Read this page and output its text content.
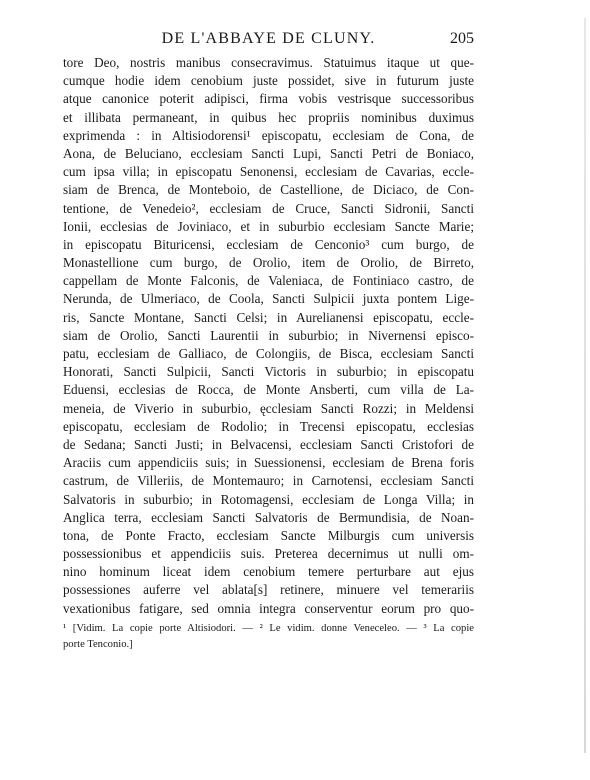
DE L'ABBAYE DE CLUNY.	205
tore Deo, nostris manibus consecravimus. Statuimus itaque ut que-
cumque hodie idem cenobium juste possidet, sive in futurum juste
atque canonice poterit adipisci, firma vobis vestrisque successoribus
et illibata permaneant, in quibus hec propriis nominibus duximus
exprimenda : in Altisiodorensi¹ episcopatu, ecclesiam de Cona, de
Aona, de Beluciano, ecclesiam Sancti Lupi, Sancti Petri de Boniaco,
cum ipsa villa; in episcopatu Senonensi, ecclesiam de Cavarias, eccle-
siam de Brenca, de Monteboio, de Castellione, de Diciaco, de Con-
tentione, de Venedeio², ecclesiam de Cruce, Sancti Sidronii, Sancti
Ionii, ecclesias de Joviniaco, et in suburbio ecclesiam Sancte Marie;
in episcopatu Bituricensi, ecclesiam de Cenconio³ cum burgo, de
Monastellione cum burgo, de Orolio, item de Orolio, de Birreto,
cappellam de Monte Falconis, de Valeniaca, de Fontiniaco castro, de
Nerunda, de Ulmeriaco, de Coola, Sancti Sulpicii juxta pontem Lige-
ris, Sancte Montane, Sancti Celsi; in Aurelianensi episcopatu, eccle-
siam de Orolio, Sancti Laurentii in suburbio; in Nivernensi episco-
patu, ecclesiam de Galliaco, de Colongiis, de Bisca, ecclesiam Sancti
Honorati, Sancti Sulpicii, Sancti Victoris in suburbio; in episcopatu
Eduensi, ecclesias de Rocca, de Monte Ansberti, cum villa de La-
meneia, de Viverio in suburbio, ęcclesiam Sancti Rozzi; in Meldensi
episcopatu, ecclesiam de Rodolio; in Trecensi episcopatu, ecclesias
de Sedana; Sancti Justi; in Belvacensi, ecclesiam Sancti Cristofori de
Araciis cum appendiciis suis; in Suessionensi, ecclesiam de Brena foris
castrum, de Villeriis, de Montemauro; in Carnotensi, ecclesiam Sancti
Salvatoris in suburbio; in Rotomagensi, ecclesiam de Longa Villa; in
Anglica terra, ecclesiam Sancti Salvatoris de Bermundisia, de Noan-
tona, de Ponte Fracto, ecclesiam Sancte Milburgis cum universis
possessionibus et appendiciis suis. Preterea decernimus ut nulli om-
nino hominum liceat idem cenobium temere perturbare aut ejus
possessiones auferre vel ablata[s] retinere, minuere vel temerariis
vexationibus fatigare, sed omnia integra conserventur eorum pro quo-
¹ [Vidim. La copie porte Altisiodori. — ² Le vidim. donne Veneceleo. — ³ La copie
porte Tenconio.]
